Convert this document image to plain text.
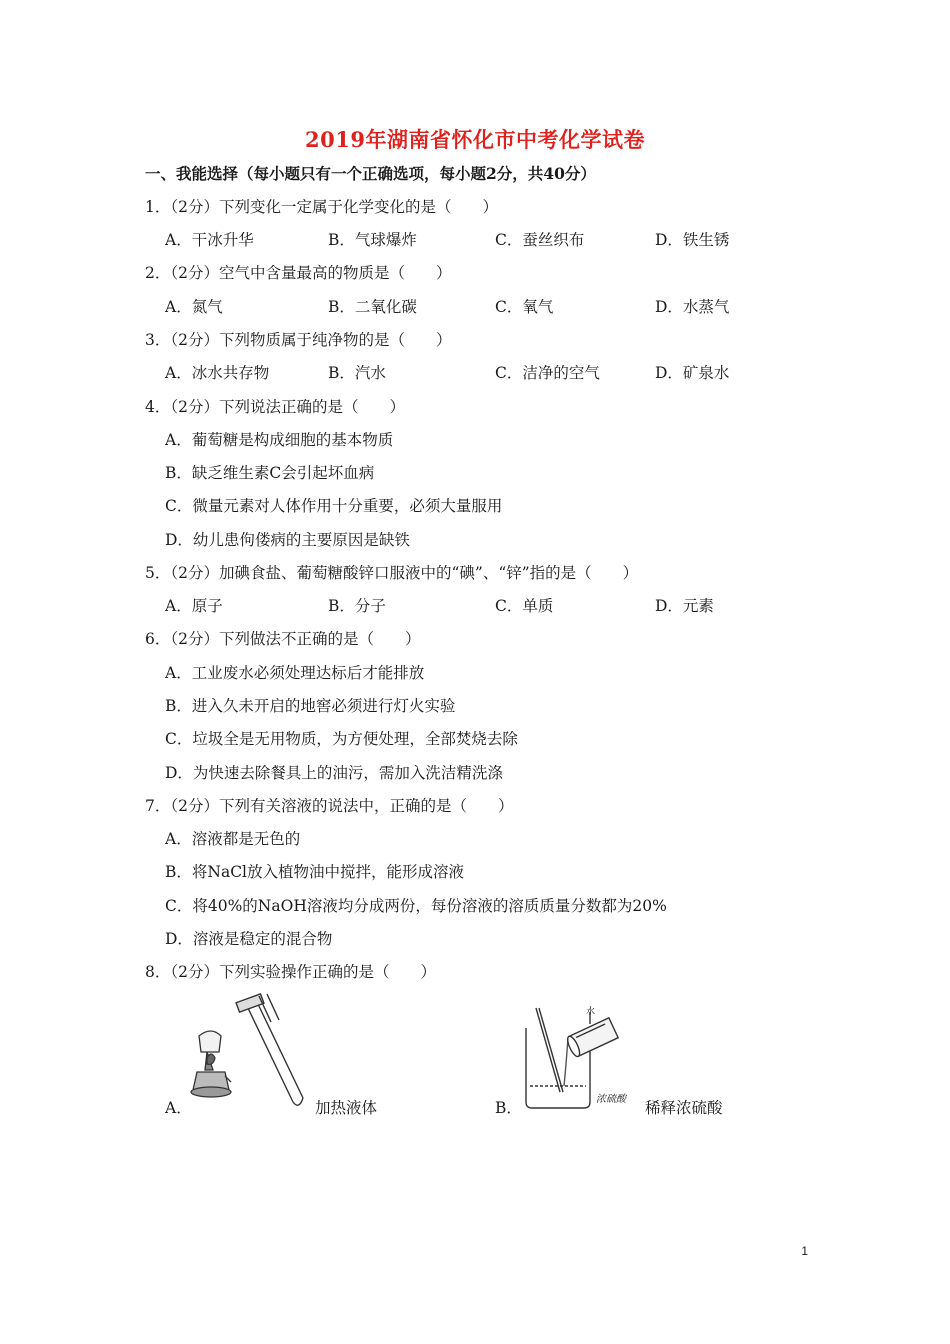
2019年湖南省怀化市中考化学试卷
一、我能选择（每小题只有一个正确选项，每小题2分，共40分）
1．（2分）下列变化一定属于化学变化的是（　　）
A．干冰升华	B．气球爆炸	C．蚕丝织布	D．铁生锈
2．（2分）空气中含量最高的物质是（　　）
A．氮气	B．二氧化碳	C．氧气	D．水蒸气
3．（2分）下列物质属于纯净物的是（　　）
A．冰水共存物	B．汽水	C．洁净的空气	D．矿泉水
4．（2分）下列说法正确的是（　　）
A．葡萄糖是构成细胞的基本物质
B．缺乏维生素C会引起坏血病
C．微量元素对人体作用十分重要，必须大量服用
D．幼儿患佝偻病的主要原因是缺铁
5．（2分）加碘食盐、葡萄糖酸锌口服液中的“碘”、“锌”指的是（　　）
A．原子	B．分子	C．单质	D．元素
6．（2分）下列做法不正确的是（　　）
A．工业废水必须处理达标后才能排放
B．进入久未开启的地窖必须进行灯火实验
C．垃圾全是无用物质，为方便处理，全部焚烧去除
D．为快速去除餐具上的油污，需加入洗洁精洗涤
7．（2分）下列有关溶液的说法中，正确的是（　　）
A．溶液都是无色的
B．将NaCl放入植物油中搅拌，能形成溶液
C．将40%的NaOH溶液均分成两份，每份溶液的溶质质量分数都为20%
D．溶液是稳定的混合物
8．（2分）下列实验操作正确的是（　　）
A．	加热液体
水
浓硫酸
B．	稀释浓硫酸
1
